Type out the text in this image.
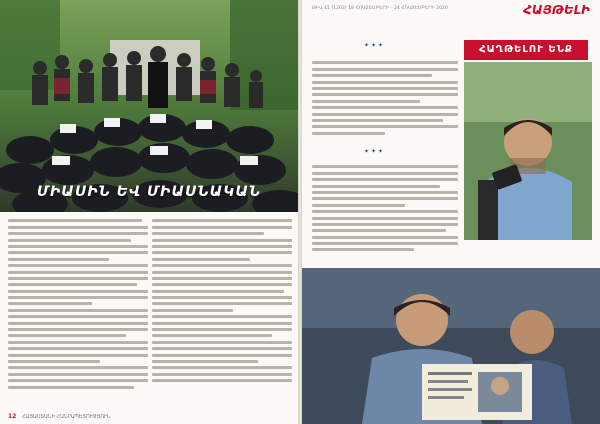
ՄԻԱՍԻՆ ԵՎ ՄԻԱՍՆԱԿԱՆ
12 ՀԱՅԱՍՏԱՆԻ ՀԱՆՐԱՊԵՏՈՒԹՅՈՒՆ
ԹԻՎ 41 (1203) 18 ՀՈԿՏԵՄԲԵՐԻ – 24 ՀՈԿՏԵՄԲԵՐԻ 2020	ՀԱՅԹԵԼԻ
✦✦✦
✦✦✦
ՀԱՂԹԵԼՈՒ ԵՆՔ
